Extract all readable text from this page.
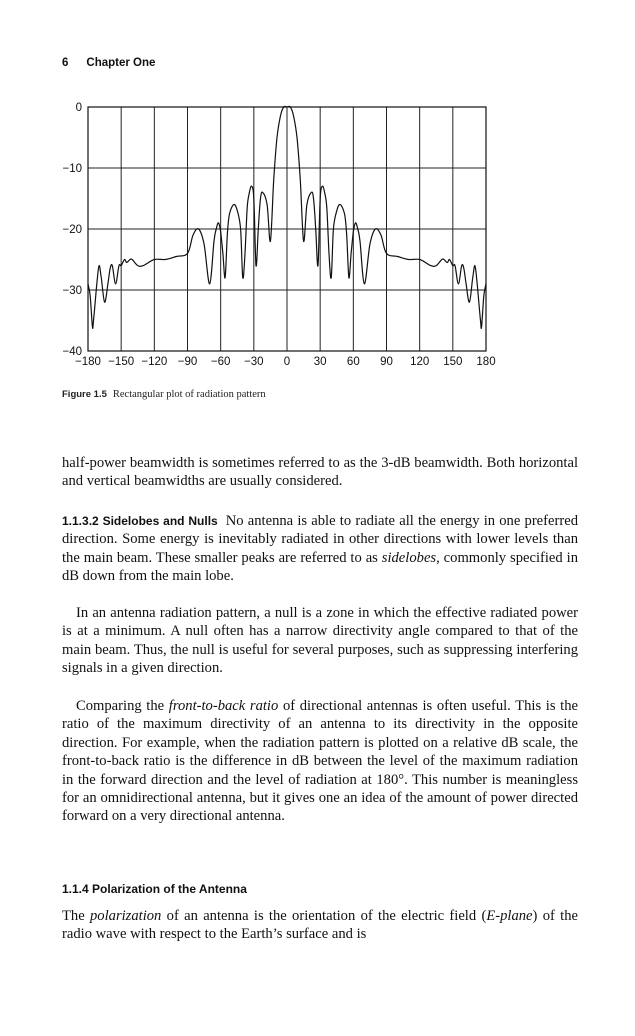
6 Chapter One
−180 −150 −120 −90 −60 −30 0 30 60 90 120 150 180
0
−10
−20
−30
−40
Figure 1.5 Rectangular plot of radiation pattern

half-power beamwidth is sometimes referred to as the 3-dB beamwidth. Both horizontal and vertical beamwidths are usually considered.

1.1.3.2 Sidelobes and Nulls No antenna is able to radiate all the energy in one preferred direction. Some energy is inevitably radiated in other directions with lower levels than the main beam. These smaller peaks are referred to as sidelobes, commonly specified in dB down from the main lobe.

In an antenna radiation pattern, a null is a zone in which the effective radiated power is at a minimum. A null often has a narrow directivity angle compared to that of the main beam. Thus, the null is useful for several purposes, such as suppressing interfering signals in a given direction.

Comparing the front-to-back ratio of directional antennas is often useful. This is the ratio of the maximum directivity of an antenna to its directivity in the opposite direction. For example, when the radiation pattern is plotted on a relative dB scale, the front-to-back ratio is the difference in dB between the level of the maximum radiation in the forward direction and the level of radiation at 180°. This number is meaningless for an omnidirectional antenna, but it gives one an idea of the amount of power directed forward on a very directional antenna.

1.1.4 Polarization of the Antenna

The polarization of an antenna is the orientation of the electric field (E-plane) of the radio wave with respect to the Earth’s surface and is
